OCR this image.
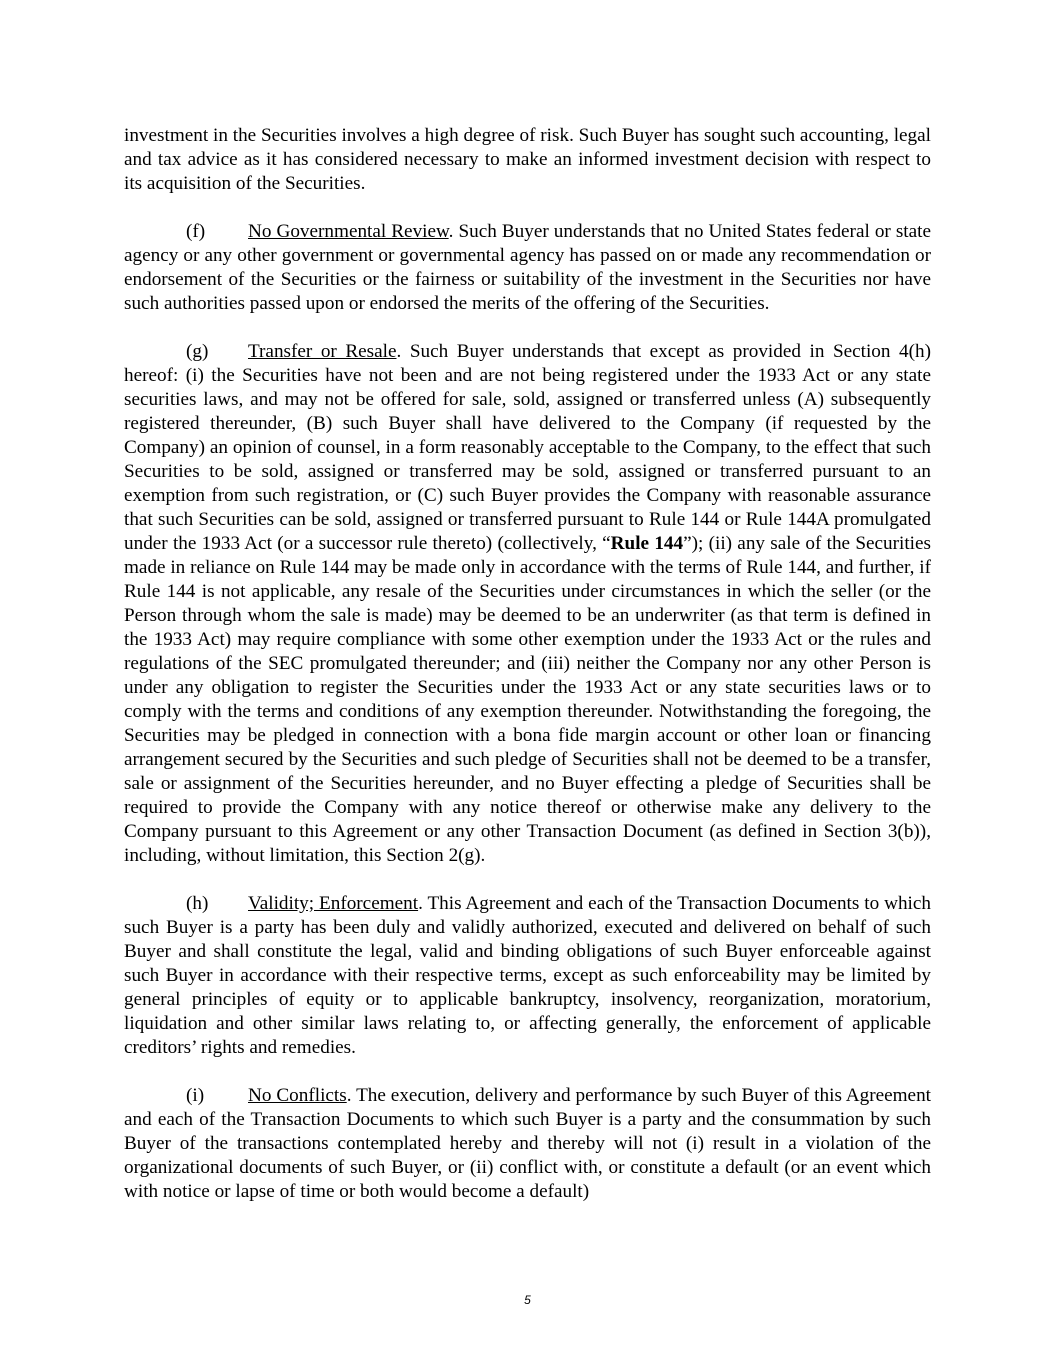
investment in the Securities involves a high degree of risk. Such Buyer has sought such accounting, legal and tax advice as it has considered necessary to make an informed investment decision with respect to its acquisition of the Securities.

(f) No Governmental Review. Such Buyer understands that no United States federal or state agency or any other government or governmental agency has passed on or made any recommendation or endorsement of the Securities or the fairness or suitability of the investment in the Securities nor have such authorities passed upon or endorsed the merits of the offering of the Securities.

(g) Transfer or Resale. Such Buyer understands that except as provided in Section 4(h) hereof: (i) the Securities have not been and are not being registered under the 1933 Act or any state securities laws, and may not be offered for sale, sold, assigned or transferred unless (A) subsequently registered thereunder, (B) such Buyer shall have delivered to the Company (if requested by the Company) an opinion of counsel, in a form reasonably acceptable to the Company, to the effect that such Securities to be sold, assigned or transferred may be sold, assigned or transferred pursuant to an exemption from such registration, or (C) such Buyer provides the Company with reasonable assurance that such Securities can be sold, assigned or transferred pursuant to Rule 144 or Rule 144A promulgated under the 1933 Act (or a successor rule thereto) (collectively, “Rule 144”); (ii) any sale of the Securities made in reliance on Rule 144 may be made only in accordance with the terms of Rule 144, and further, if Rule 144 is not applicable, any resale of the Securities under circumstances in which the seller (or the Person through whom the sale is made) may be deemed to be an underwriter (as that term is defined in the 1933 Act) may require compliance with some other exemption under the 1933 Act or the rules and regulations of the SEC promulgated thereunder; and (iii) neither the Company nor any other Person is under any obligation to register the Securities under the 1933 Act or any state securities laws or to comply with the terms and conditions of any exemption thereunder. Notwithstanding the foregoing, the Securities may be pledged in connection with a bona fide margin account or other loan or financing arrangement secured by the Securities and such pledge of Securities shall not be deemed to be a transfer, sale or assignment of the Securities hereunder, and no Buyer effecting a pledge of Securities shall be required to provide the Company with any notice thereof or otherwise make any delivery to the Company pursuant to this Agreement or any other Transaction Document (as defined in Section 3(b)), including, without limitation, this Section 2(g).

(h) Validity; Enforcement. This Agreement and each of the Transaction Documents to which such Buyer is a party has been duly and validly authorized, executed and delivered on behalf of such Buyer and shall constitute the legal, valid and binding obligations of such Buyer enforceable against such Buyer in accordance with their respective terms, except as such enforceability may be limited by general principles of equity or to applicable bankruptcy, insolvency, reorganization, moratorium, liquidation and other similar laws relating to, or affecting generally, the enforcement of applicable creditors’ rights and remedies.

(i) No Conflicts. The execution, delivery and performance by such Buyer of this Agreement and each of the Transaction Documents to which such Buyer is a party and the consummation by such Buyer of the transactions contemplated hereby and thereby will not (i) result in a violation of the organizational documents of such Buyer, or (ii) conflict with, or constitute a default (or an event which with notice or lapse of time or both would become a default)

5
